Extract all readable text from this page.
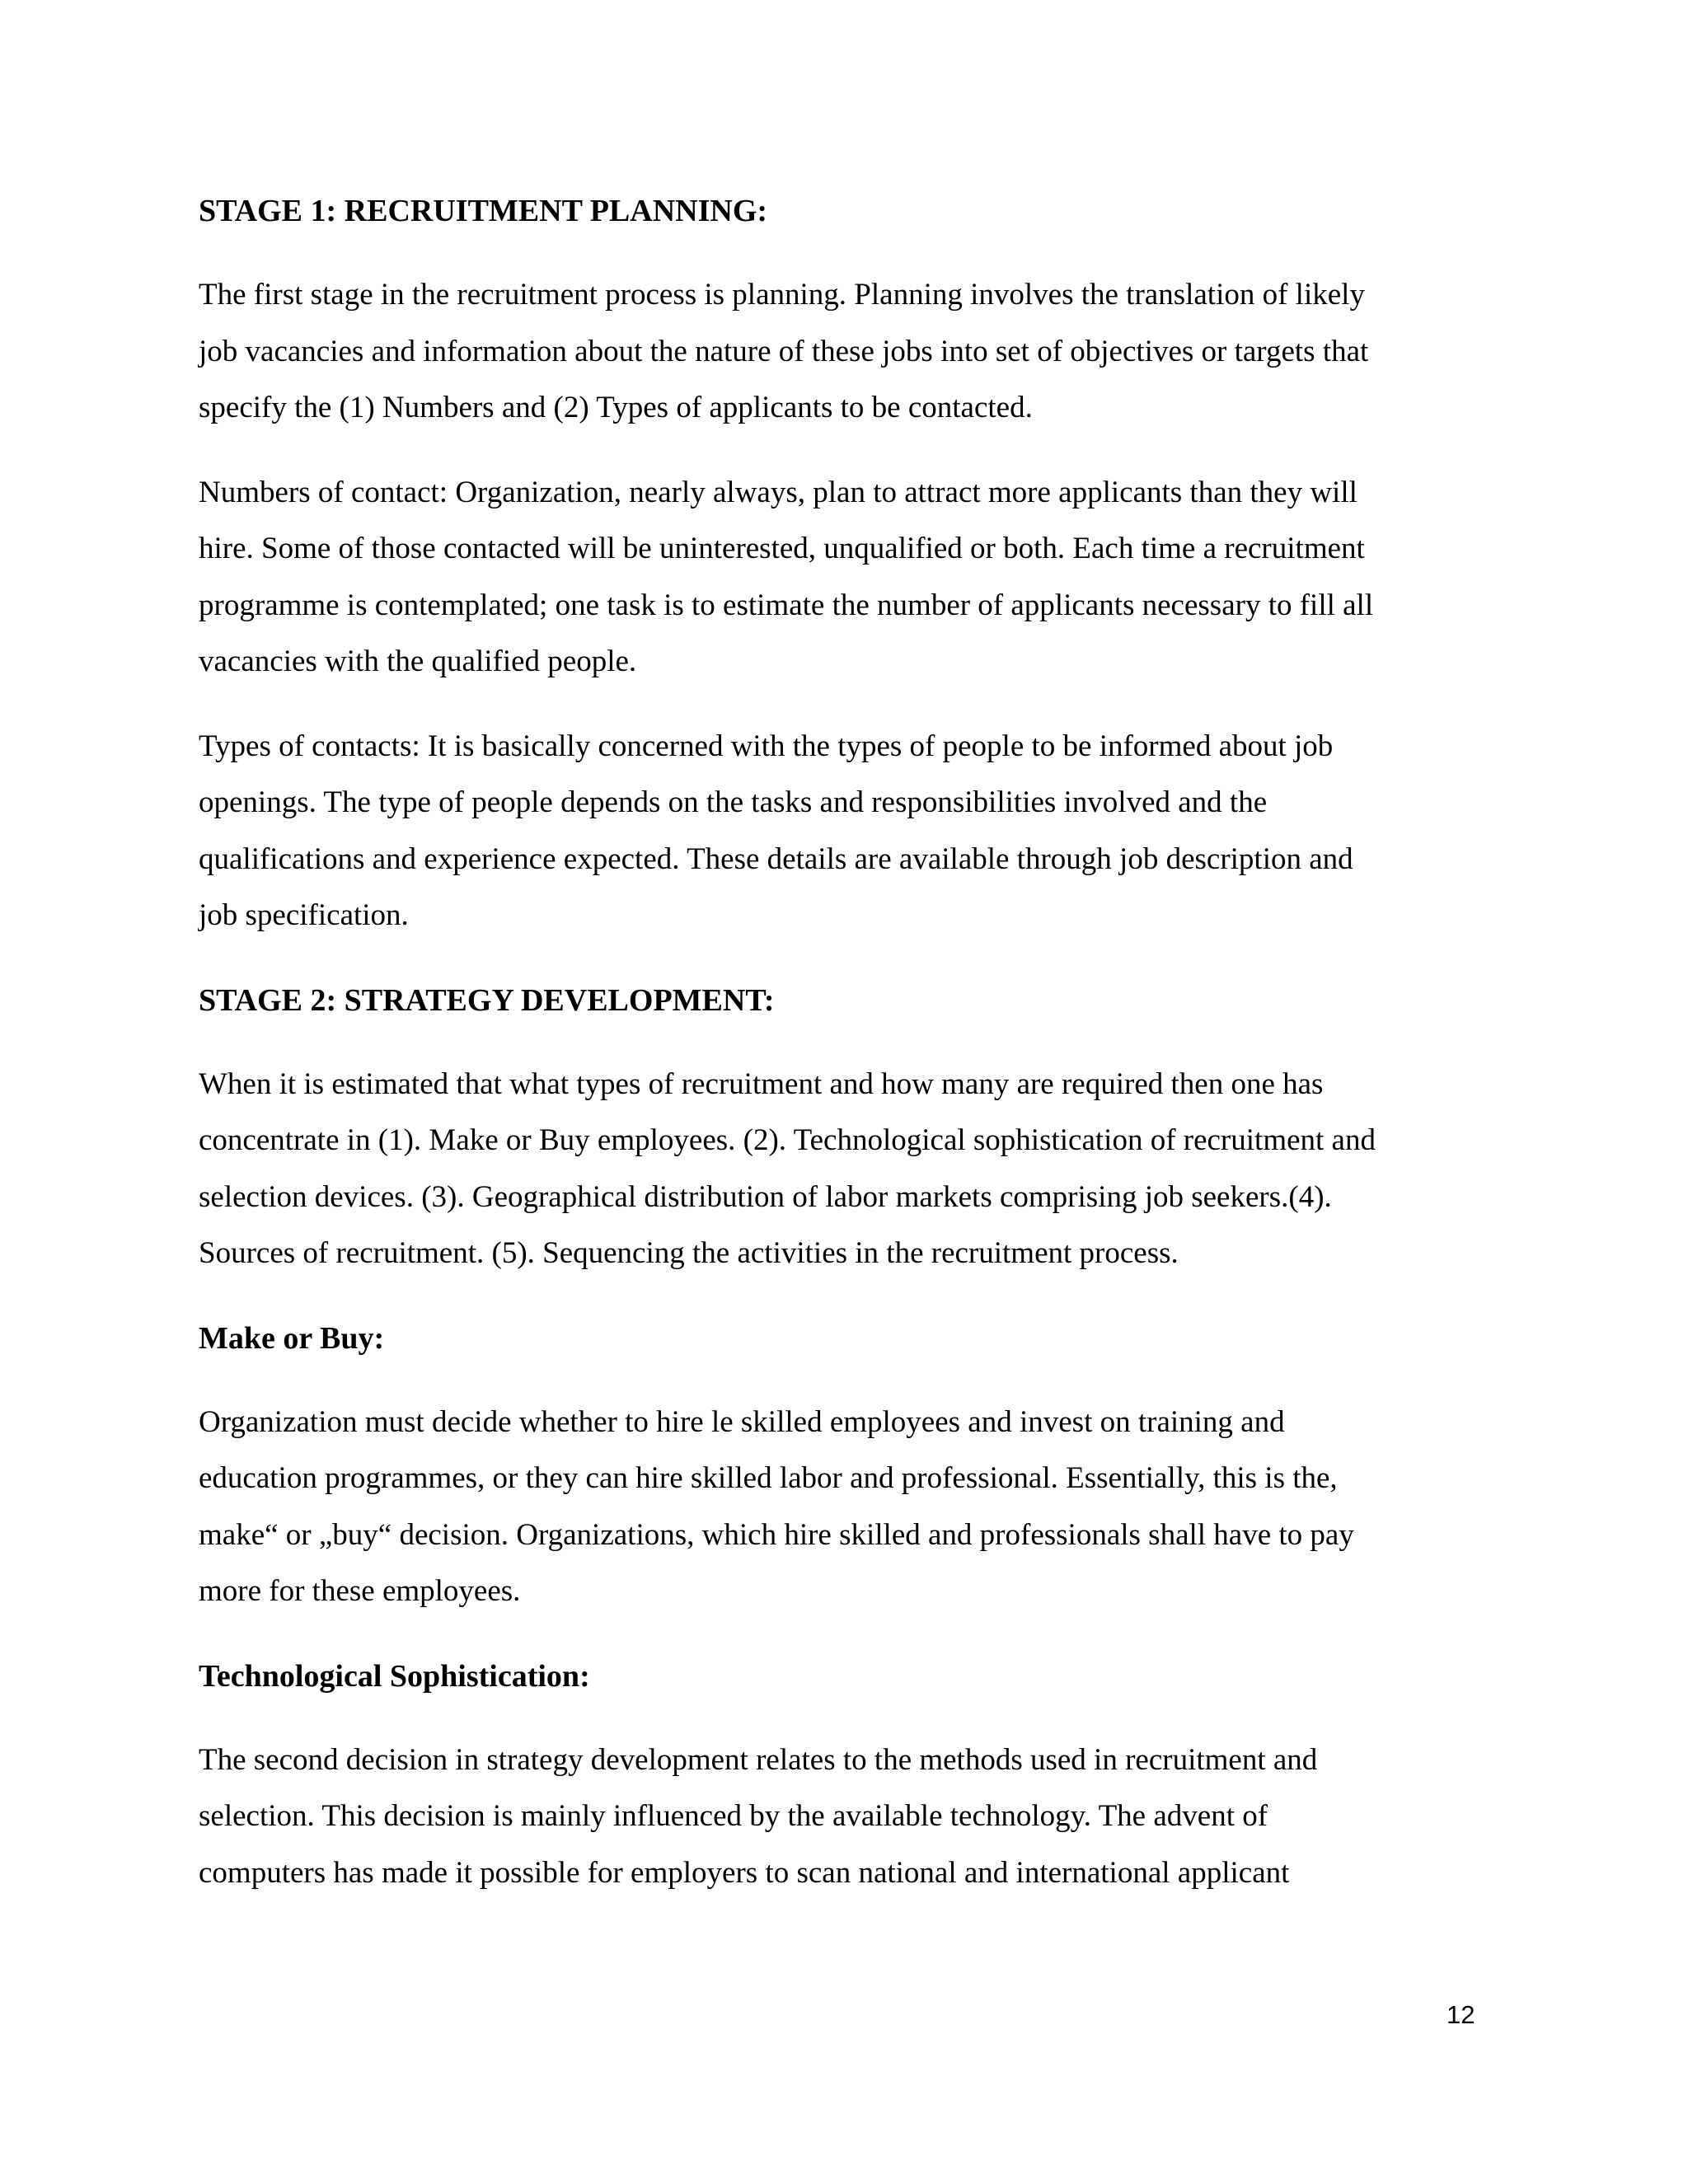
STAGE 1: RECRUITMENT PLANNING:
The first stage in the recruitment process is planning. Planning involves the translation of likely
job vacancies and information about the nature of these jobs into set of objectives or targets that
specify the (1) Numbers and (2) Types of applicants to be contacted.
Numbers of contact: Organization, nearly always, plan to attract more applicants than they will
hire. Some of those contacted will be uninterested, unqualified or both. Each time a recruitment
programme is contemplated; one task is to estimate the number of applicants necessary to fill all
vacancies with the qualified people.
Types of contacts: It is basically concerned with the types of people to be informed about job
openings. The type of people depends on the tasks and responsibilities involved and the
qualifications and experience expected. These details are available through job description and
job specification.
STAGE 2: STRATEGY DEVELOPMENT:
When it is estimated that what types of recruitment and how many are required then one has
concentrate in (1). Make or Buy employees. (2). Technological sophistication of recruitment and
selection devices. (3). Geographical distribution of labor markets comprising job seekers.(4).
Sources of recruitment. (5). Sequencing the activities in the recruitment process.
Make or Buy:
Organization must decide whether to hire le skilled employees and invest on training and
education programmes, or they can hire skilled labor and professional. Essentially, this is the,
make“ or „buy“ decision. Organizations, which hire skilled and professionals shall have to pay
more for these employees.
Technological Sophistication:
The second decision in strategy development relates to the methods used in recruitment and
selection. This decision is mainly influenced by the available technology. The advent of
computers has made it possible for employers to scan national and international applicant
12
